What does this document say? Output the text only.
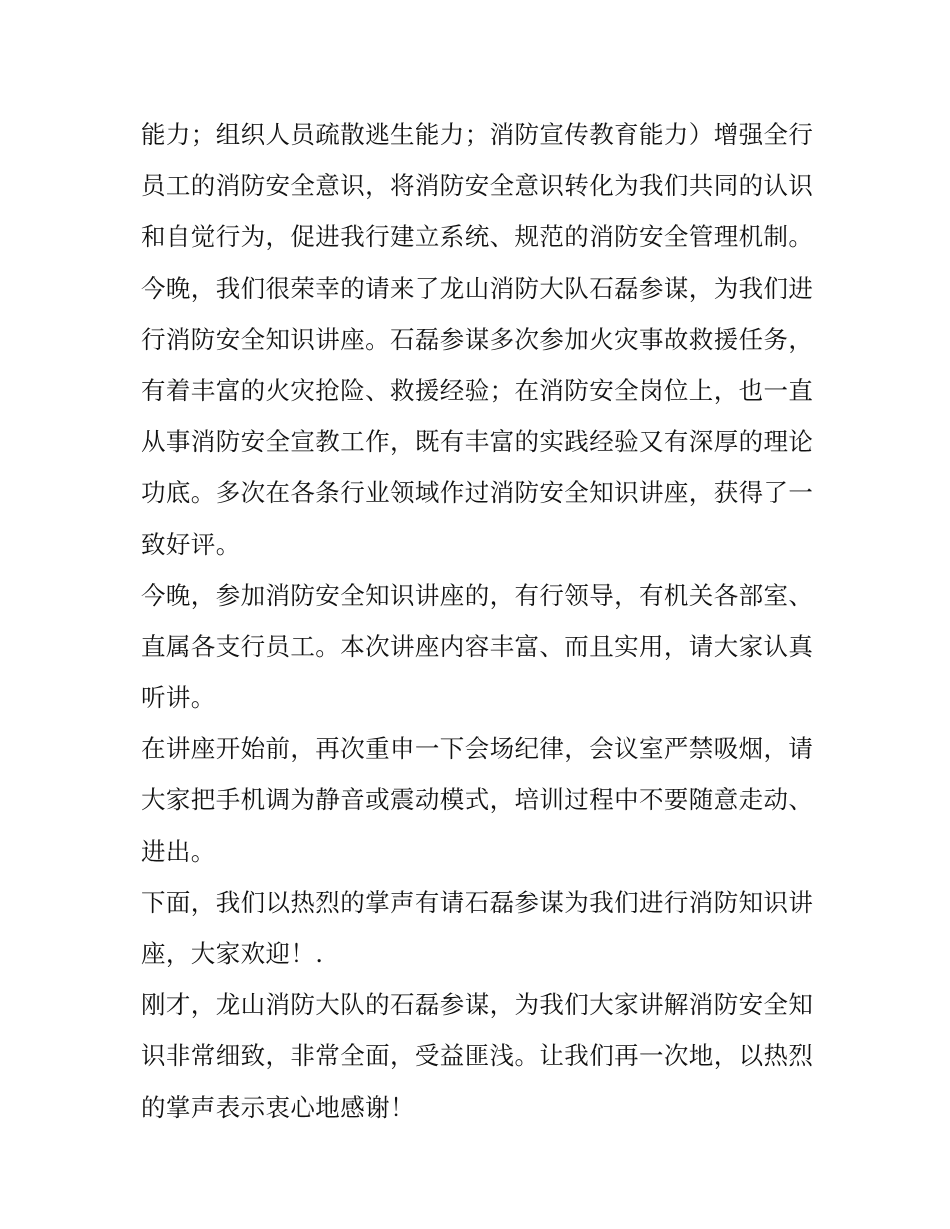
能力；组织人员疏散逃生能力；消防宣传教育能力）增强全行
员工的消防安全意识，将消防安全意识转化为我们共同的认识
和自觉行为，促进我行建立系统、规范的消防安全管理机制。
今晚，我们很荣幸的请来了龙山消防大队石磊参谋，为我们进
行消防安全知识讲座。石磊参谋多次参加火灾事故救援任务，
有着丰富的火灾抢险、救援经验；在消防安全岗位上，也一直
从事消防安全宣教工作，既有丰富的实践经验又有深厚的理论
功底。多次在各条行业领域作过消防安全知识讲座，获得了一
致好评。
今晚，参加消防安全知识讲座的，有行领导，有机关各部室、
直属各支行员工。本次讲座内容丰富、而且实用，请大家认真
听讲。
在讲座开始前，再次重申一下会场纪律，会议室严禁吸烟，请
大家把手机调为静音或震动模式，培训过程中不要随意走动、
进出。
下面，我们以热烈的掌声有请石磊参谋为我们进行消防知识讲
座，大家欢迎！.
刚才，龙山消防大队的石磊参谋，为我们大家讲解消防安全知
识非常细致，非常全面，受益匪浅。让我们再一次地，以热烈
的掌声表示衷心地感谢！
